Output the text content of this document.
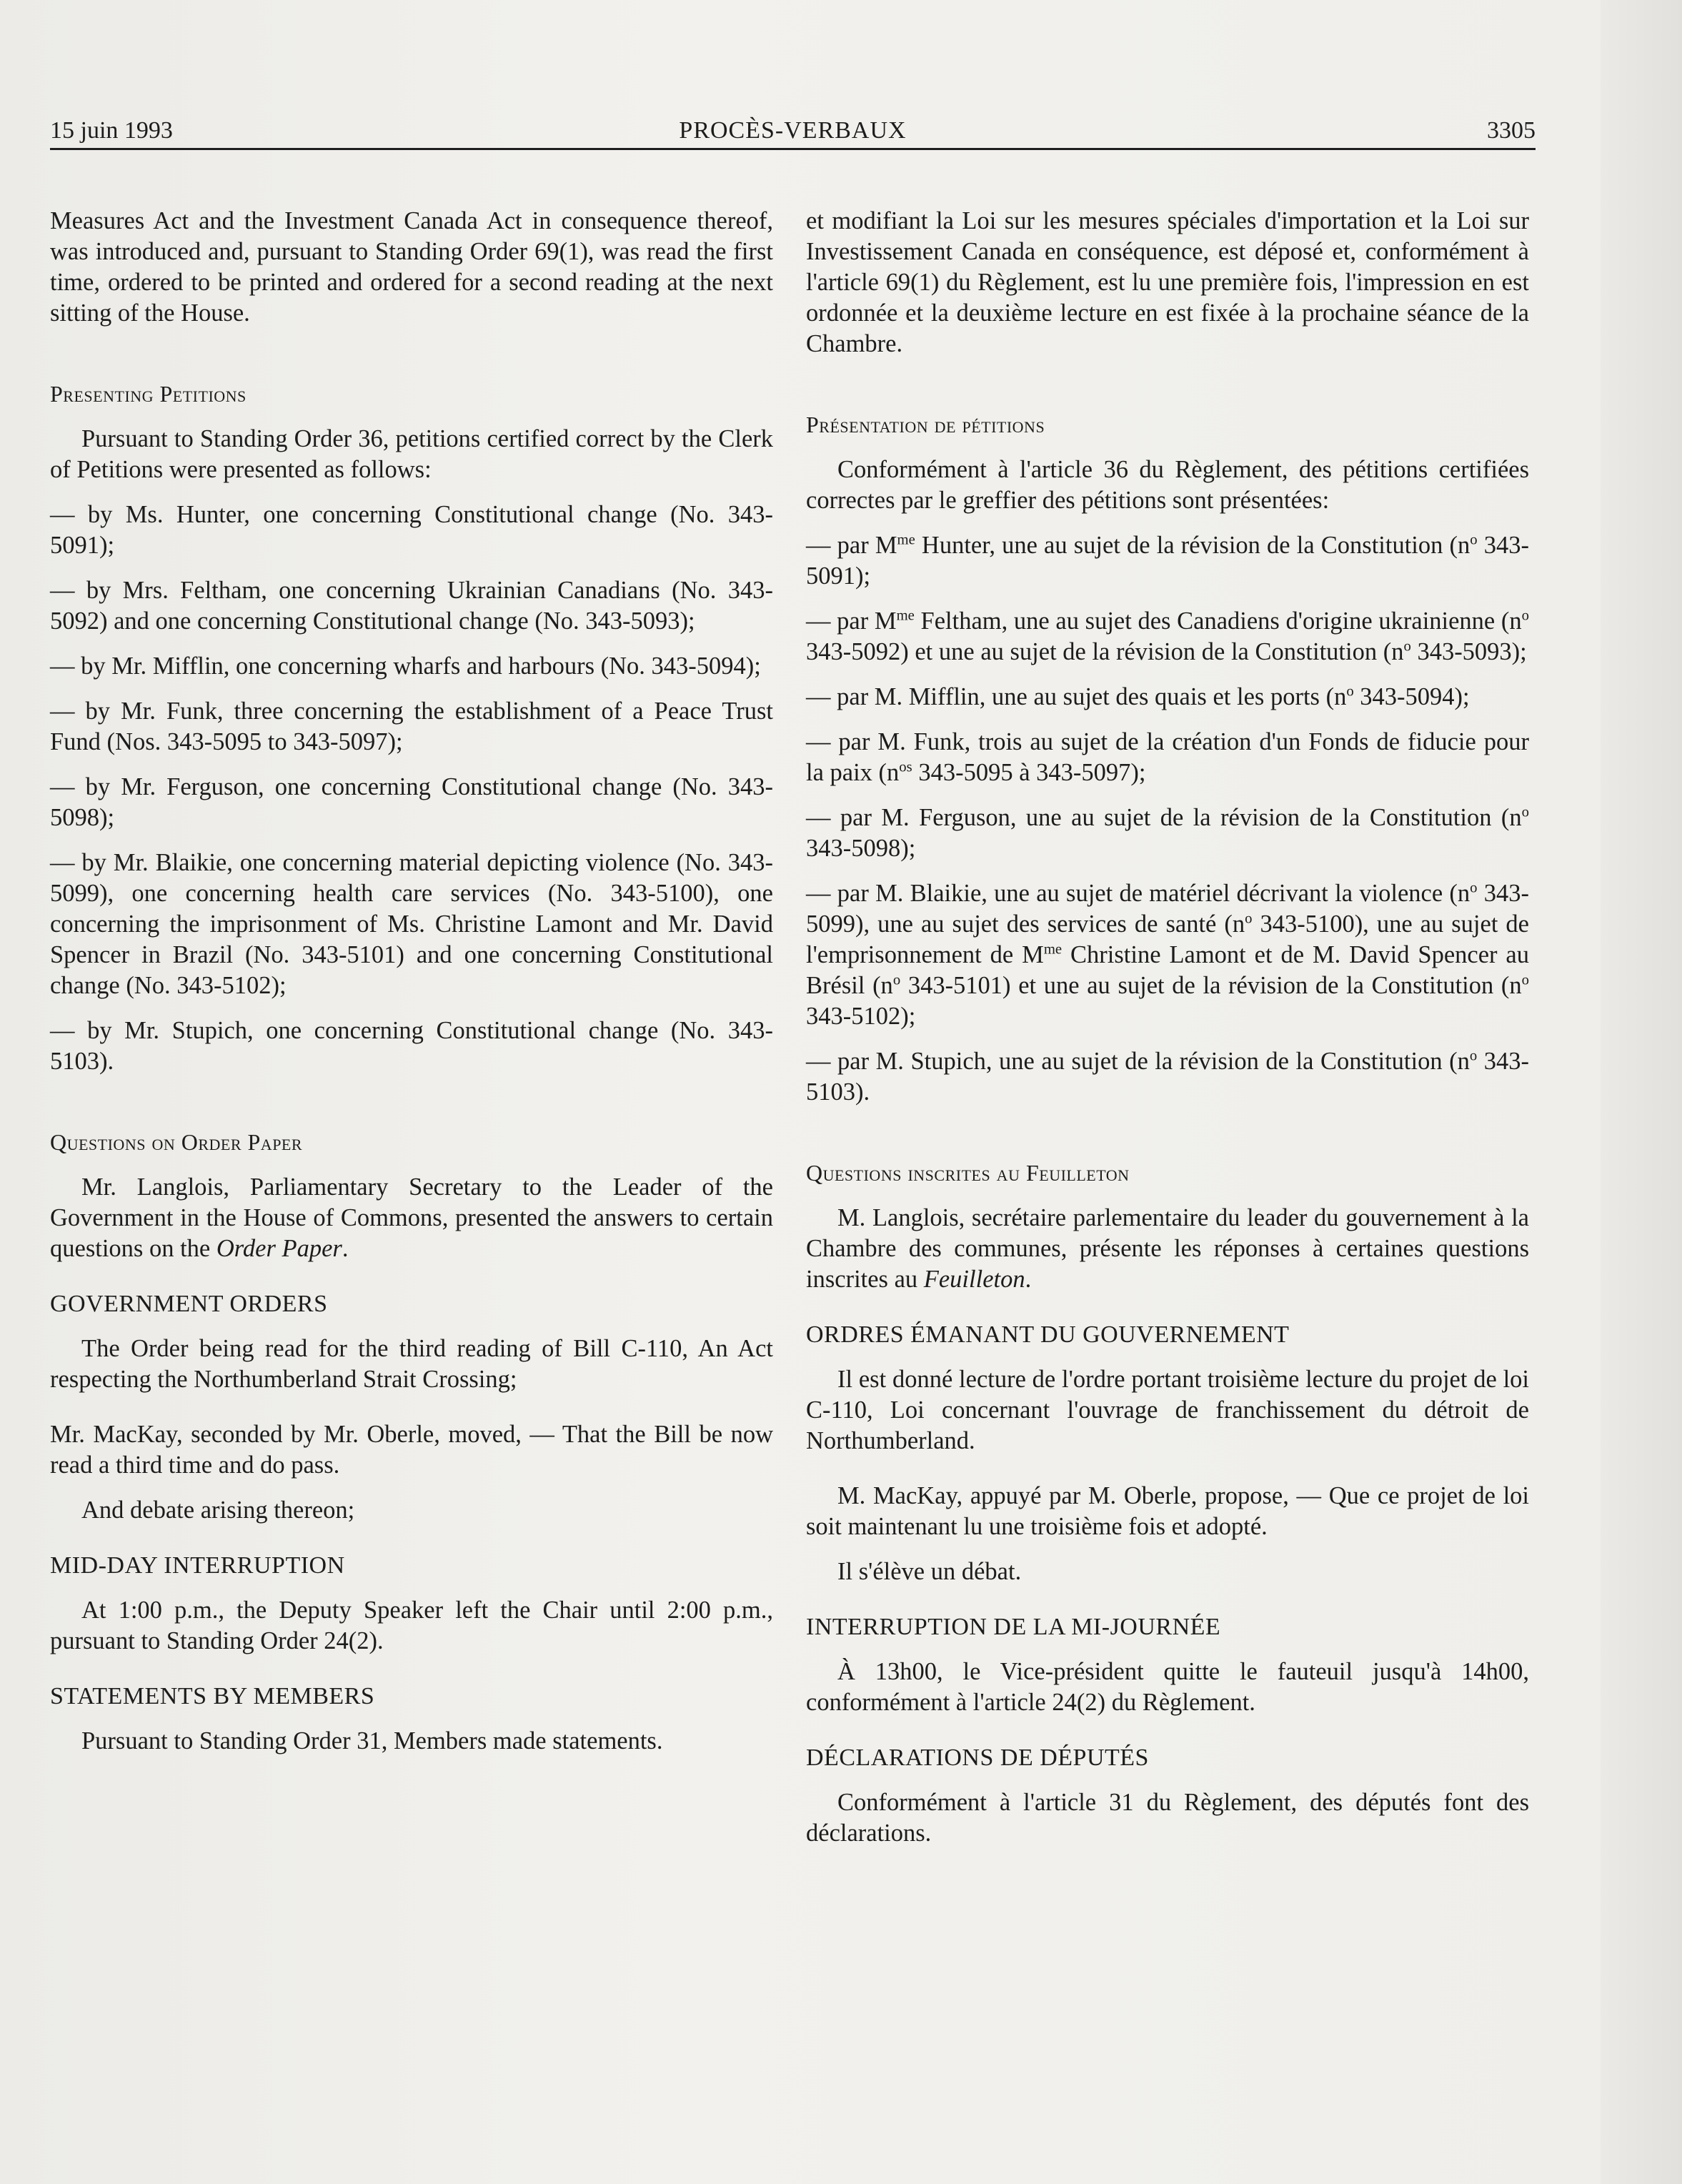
15 juin 1993	PROCÈS-VERBAUX	3305

Measures Act and the Investment Canada Act in consequence thereof, was introduced and, pursuant to Standing Order 69(1), was read the first time, ordered to be printed and ordered for a second reading at the next sitting of the House.

Presenting Petitions

Pursuant to Standing Order 36, petitions certified correct by the Clerk of Petitions were presented as follows:

— by Ms. Hunter, one concerning Constitutional change (No. 343-5091);

— by Mrs. Feltham, one concerning Ukrainian Canadians (No. 343-5092) and one concerning Constitutional change (No. 343-5093);

— by Mr. Mifflin, one concerning wharfs and harbours (No. 343-5094);

— by Mr. Funk, three concerning the establishment of a Peace Trust Fund (Nos. 343-5095 to 343-5097);

— by Mr. Ferguson, one concerning Constitutional change (No. 343-5098);

— by Mr. Blaikie, one concerning material depicting violence (No. 343-5099), one concerning health care services (No. 343-5100), one concerning the imprisonment of Ms. Christine Lamont and Mr. David Spencer in Brazil (No. 343-5101) and one concerning Constitutional change (No. 343-5102);

— by Mr. Stupich, one concerning Constitutional change (No. 343-5103).

Questions on Order Paper

Mr. Langlois, Parliamentary Secretary to the Leader of the Government in the House of Commons, presented the answers to certain questions on the Order Paper.

GOVERNMENT ORDERS

The Order being read for the third reading of Bill C-110, An Act respecting the Northumberland Strait Crossing;

Mr. MacKay, seconded by Mr. Oberle, moved, — That the Bill be now read a third time and do pass.

And debate arising thereon;

MID-DAY INTERRUPTION

At 1:00 p.m., the Deputy Speaker left the Chair until 2:00 p.m., pursuant to Standing Order 24(2).

STATEMENTS BY MEMBERS

Pursuant to Standing Order 31, Members made statements.

et modifiant la Loi sur les mesures spéciales d'importation et la Loi sur Investissement Canada en conséquence, est déposé et, conformément à l'article 69(1) du Règlement, est lu une première fois, l'impression en est ordonnée et la deuxième lecture en est fixée à la prochaine séance de la Chambre.

Présentation de pétitions

Conformément à l'article 36 du Règlement, des pétitions certifiées correctes par le greffier des pétitions sont présentées:

— par $M^{me}$ Hunter, une au sujet de la révision de la Constitution ($n^o$ 343-5091);

— par $M^{me}$ Feltham, une au sujet des Canadiens d'origine ukrainienne ($n^o$ 343-5092) et une au sujet de la révision de la Constitution ($n^o$ 343-5093);

— par M. Mifflin, une au sujet des quais et les ports ($n^o$ 343-5094);

— par M. Funk, trois au sujet de la création d'un Fonds de fiducie pour la paix ($n^{os}$ 343-5095 à 343-5097);

— par M. Ferguson, une au sujet de la révision de la Constitution ($n^o$ 343-5098);

— par M. Blaikie, une au sujet de matériel décrivant la violence ($n^o$ 343-5099), une au sujet des services de santé ($n^o$ 343-5100), une au sujet de l'emprisonnement de $M^{me}$ Christine Lamont et de M. David Spencer au Brésil ($n^o$ 343-5101) et une au sujet de la révision de la Constitution ($n^o$ 343-5102);

— par M. Stupich, une au sujet de la révision de la Constitution ($n^o$ 343-5103).

Questions inscrites au Feuilleton

M. Langlois, secrétaire parlementaire du leader du gouvernement à la Chambre des communes, présente les réponses à certaines questions inscrites au Feuilleton.

ORDRES ÉMANANT DU GOUVERNEMENT

Il est donné lecture de l'ordre portant troisième lecture du projet de loi C-110, Loi concernant l'ouvrage de franchissement du détroit de Northumberland.

M. MacKay, appuyé par M. Oberle, propose, — Que ce projet de loi soit maintenant lu une troisième fois et adopté.

Il s'élève un débat.

INTERRUPTION DE LA MI-JOURNÉE

À 13h00, le Vice-président quitte le fauteuil jusqu'à 14h00, conformément à l'article 24(2) du Règlement.

DÉCLARATIONS DE DÉPUTÉS

Conformément à l'article 31 du Règlement, des députés font des déclarations.
